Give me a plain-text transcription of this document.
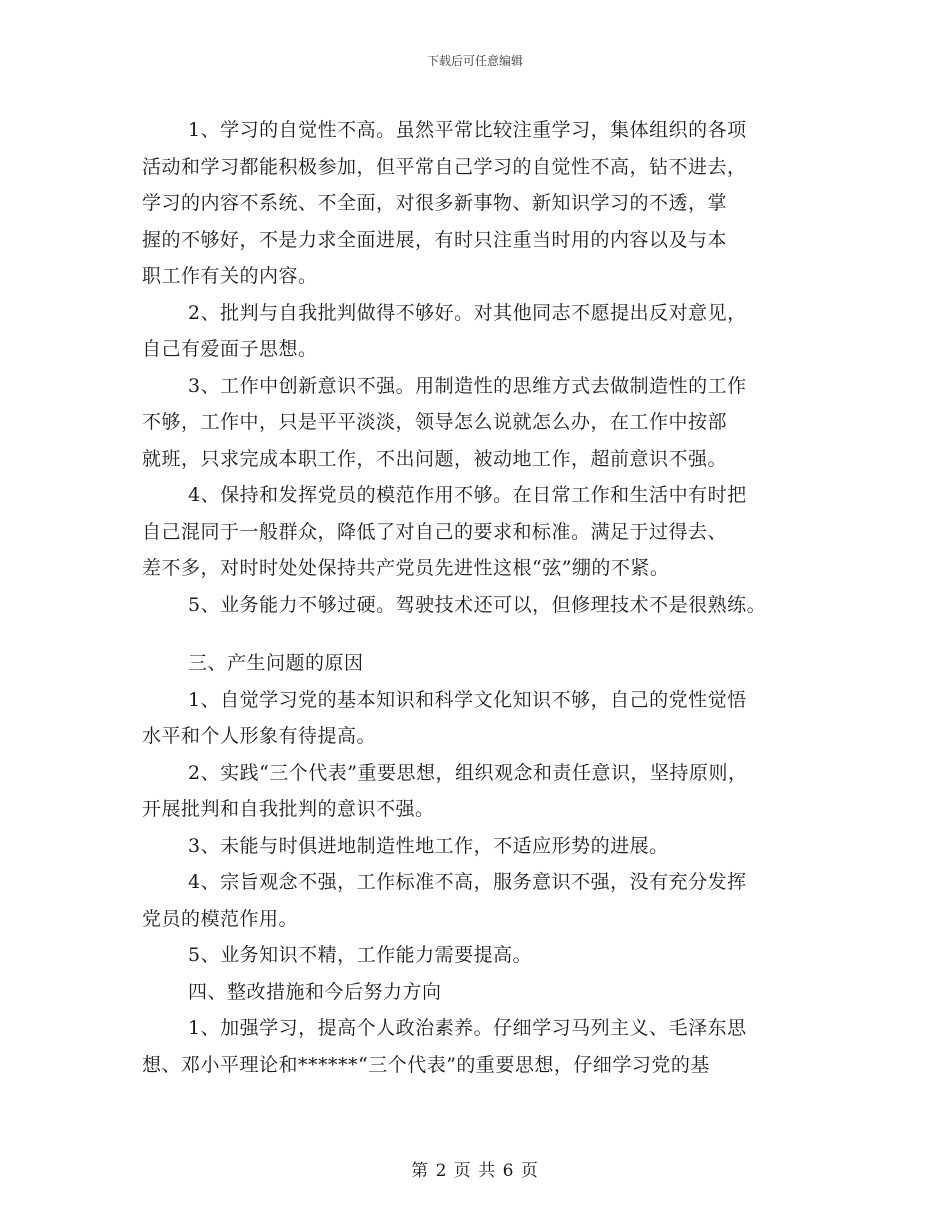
下载后可任意编辑
1、学习的自觉性不高。虽然平常比较注重学习，集体组织的各项
活动和学习都能积极参加，但平常自己学习的自觉性不高，钻不进去，
学习的内容不系统、不全面，对很多新事物、新知识学习的不透，掌
握的不够好，不是力求全面进展，有时只注重当时用的内容以及与本
职工作有关的内容。
2、批判与自我批判做得不够好。对其他同志不愿提出反对意见，
自己有爱面子思想。
3、工作中创新意识不强。用制造性的思维方式去做制造性的工作
不够，工作中，只是平平淡淡，领导怎么说就怎么办，在工作中按部
就班，只求完成本职工作，不出问题，被动地工作，超前意识不强。
4、保持和发挥党员的模范作用不够。在日常工作和生活中有时把
自己混同于一般群众，降低了对自己的要求和标准。满足于过得去、
差不多，对时时处处保持共产党员先进性这根“弦”绷的不紧。
5、业务能力不够过硬。驾驶技术还可以，但修理技术不是很熟练。
三、产生问题的原因
1、自觉学习党的基本知识和科学文化知识不够，自己的党性觉悟
水平和个人形象有待提高。
2、实践“三个代表”重要思想，组织观念和责任意识，坚持原则，
开展批判和自我批判的意识不强。
3、未能与时俱进地制造性地工作，不适应形势的进展。
4、宗旨观念不强，工作标准不高，服务意识不强，没有充分发挥
党员的模范作用。
5、业务知识不精，工作能力需要提高。
四、整改措施和今后努力方向
1、加强学习，提高个人政治素养。仔细学习马列主义、毛泽东思
想、邓小平理论和******“三个代表”的重要思想，仔细学习党的基
第 2 页 共 6 页
